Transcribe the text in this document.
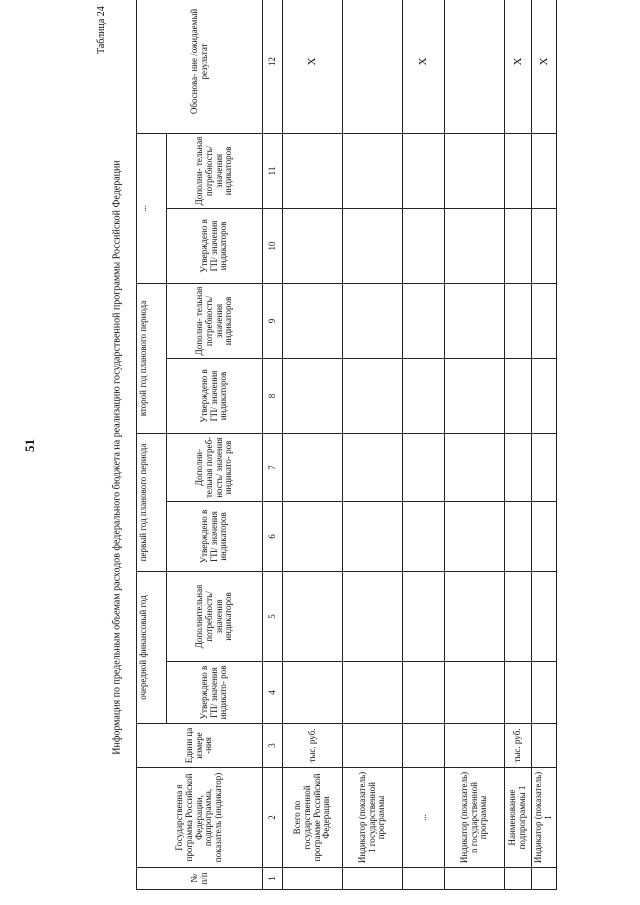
51
Таблица 24
Информация по предельным объемам расходов федерального бюджета на реализацию государственной программы Российской Федерации
№ п/п	Государственна я программа Российской Федерации, подпрограмма, показатель (индикатор)	Едини ца измере -ния	очередной финансовый год		первый год планового периода		второй год планового периода		...		Обоснова- ние /ожидаемый результат
			Утверждено в ГП/ значения индикато- ров	Дополнительная потребность/ значения индикаторов	Утверждено в ГП/ значения индикаторов	Дополни- тельная потреб- ность/ значения индикато- ров	Утверждено в ГП/ значения индикаторов	Дополни- тельная потребность/ значения индикаторов	Утверждено в ГП/ значения индикаторов	Дополни- тельная потребность/ значения индикаторов	
1	2	3	4	5	6	7	8	9	10	11	12
	Всего по государственной программе Российской Федерации	тыс. руб.									X
	Индикатор (показатель) 1 государственной программы										
	...										X
	Индикатор (показатель) n государственной программы										
	Наименование подпрограммы 1	тыс. руб.									X
	Индикатор (показатель) 1										X
